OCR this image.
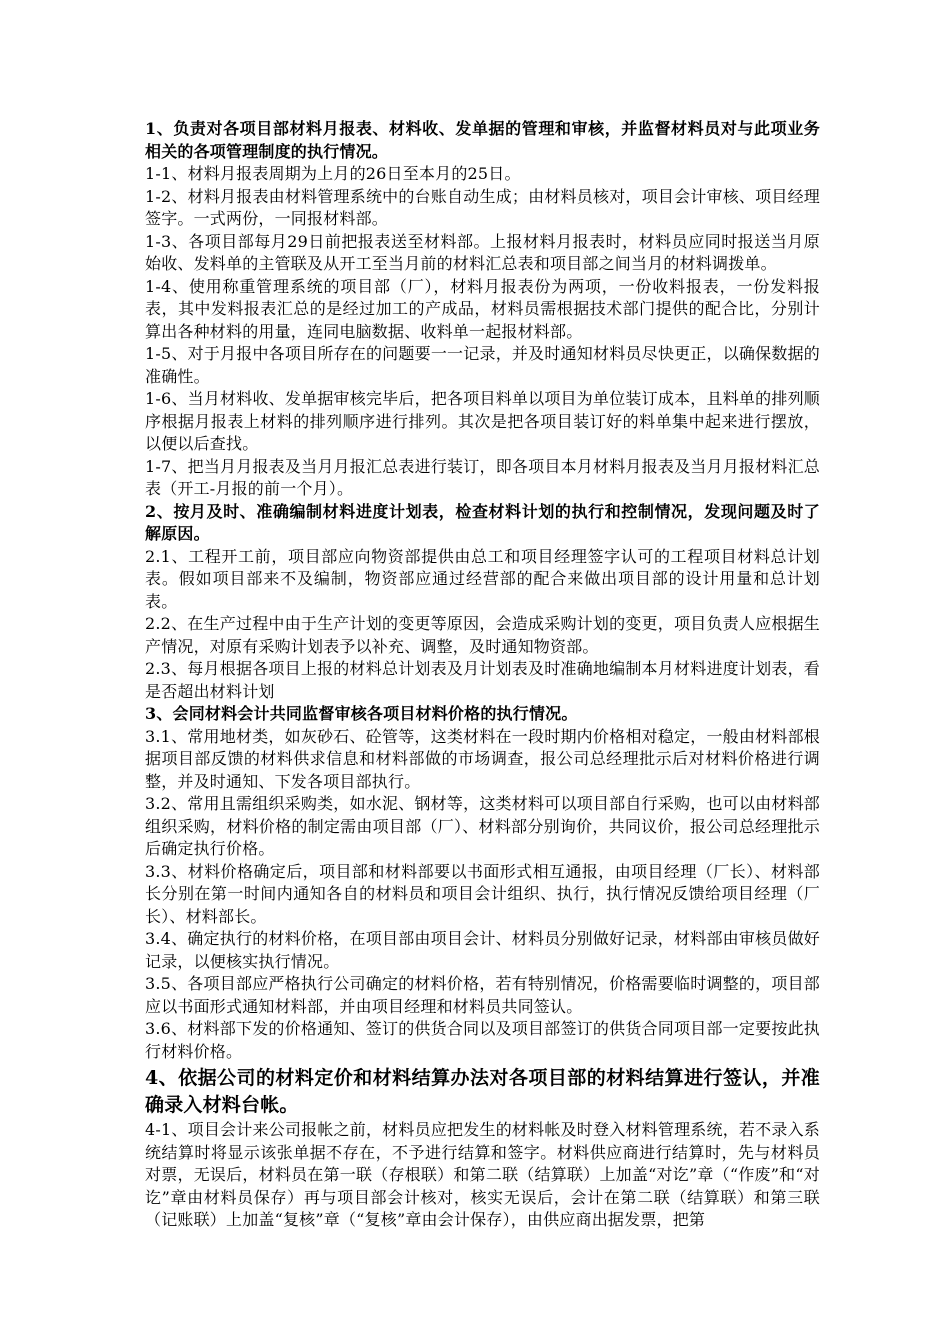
1、负责对各项目部材料月报表、材料收、发单据的管理和审核，并监督材料员对与此项业务相关的各项管理制度的执行情况。

1-1、材料月报表周期为上月的26日至本月的25日。

1-2、材料月报表由材料管理系统中的台账自动生成；由材料员核对，项目会计审核、项目经理签字。一式两份，一同报材料部。

1-3、各项目部每月29日前把报表送至材料部。上报材料月报表时，材料员应同时报送当月原始收、发料单的主管联及从开工至当月前的材料汇总表和项目部之间当月的材料调拨单。

1-4、使用称重管理系统的项目部（厂），材料月报表份为两项，一份收料报表，一份发料报表，其中发料报表汇总的是经过加工的产成品，材料员需根据技术部门提供的配合比，分别计算出各种材料的用量，连同电脑数据、收料单一起报材料部。

1-5、对于月报中各项目所存在的问题要一一记录，并及时通知材料员尽快更正，以确保数据的准确性。

1-6、当月材料收、发单据审核完毕后，把各项目料单以项目为单位装订成本，且料单的排列顺序根据月报表上材料的排列顺序进行排列。其次是把各项目装订好的料单集中起来进行摆放，以便以后查找。

1-7、把当月月报表及当月月报汇总表进行装订，即各项目本月材料月报表及当月月报材料汇总表（开工-月报的前一个月）。

2、按月及时、准确编制材料进度计划表，检查材料计划的执行和控制情况，发现问题及时了解原因。

2.1、工程开工前，项目部应向物资部提供由总工和项目经理签字认可的工程项目材料总计划表。假如项目部来不及编制，物资部应通过经营部的配合来做出项目部的设计用量和总计划表。

2.2、在生产过程中由于生产计划的变更等原因，会造成采购计划的变更，项目负责人应根据生产情况，对原有采购计划表予以补充、调整，及时通知物资部。

2.3、每月根据各项目上报的材料总计划表及月计划表及时准确地编制本月材料进度计划表，看是否超出材料计划

3、会同材料会计共同监督审核各项目材料价格的执行情况。

3.1、常用地材类，如灰砂石、砼管等，这类材料在一段时期内价格相对稳定，一般由材料部根据项目部反馈的材料供求信息和材料部做的市场调查，报公司总经理批示后对材料价格进行调整，并及时通知、下发各项目部执行。

3.2、常用且需组织采购类，如水泥、钢材等，这类材料可以项目部自行采购，也可以由材料部组织采购，材料价格的制定需由项目部（厂）、材料部分别询价，共同议价，报公司总经理批示后确定执行价格。

3.3、材料价格确定后，项目部和材料部要以书面形式相互通报，由项目经理（厂长）、材料部长分别在第一时间内通知各自的材料员和项目会计组织、执行，执行情况反馈给项目经理（厂长）、材料部长。

3.4、确定执行的材料价格，在项目部由项目会计、材料员分别做好记录，材料部由审核员做好记录，以便核实执行情况。

3.5、各项目部应严格执行公司确定的材料价格，若有特别情况，价格需要临时调整的，项目部应以书面形式通知材料部，并由项目经理和材料员共同签认。

3.6、材料部下发的价格通知、签订的供货合同以及项目部签订的供货合同项目部一定要按此执行材料价格。

4、依据公司的材料定价和材料结算办法对各项目部的材料结算进行签认，并准确录入材料台帐。

4-1、项目会计来公司报帐之前，材料员应把发生的材料帐及时登入材料管理系统，若不录入系统结算时将显示该张单据不存在，不予进行结算和签字。材料供应商进行结算时，先与材料员对票，无误后，材料员在第一联（存根联）和第二联（结算联）上加盖“对讫”章（“作废”和“对讫”章由材料员保存）再与项目部会计核对，核实无误后，会计在第二联（结算联）和第三联（记账联）上加盖“复核”章（“复核”章由会计保存），由供应商出据发票，把第
